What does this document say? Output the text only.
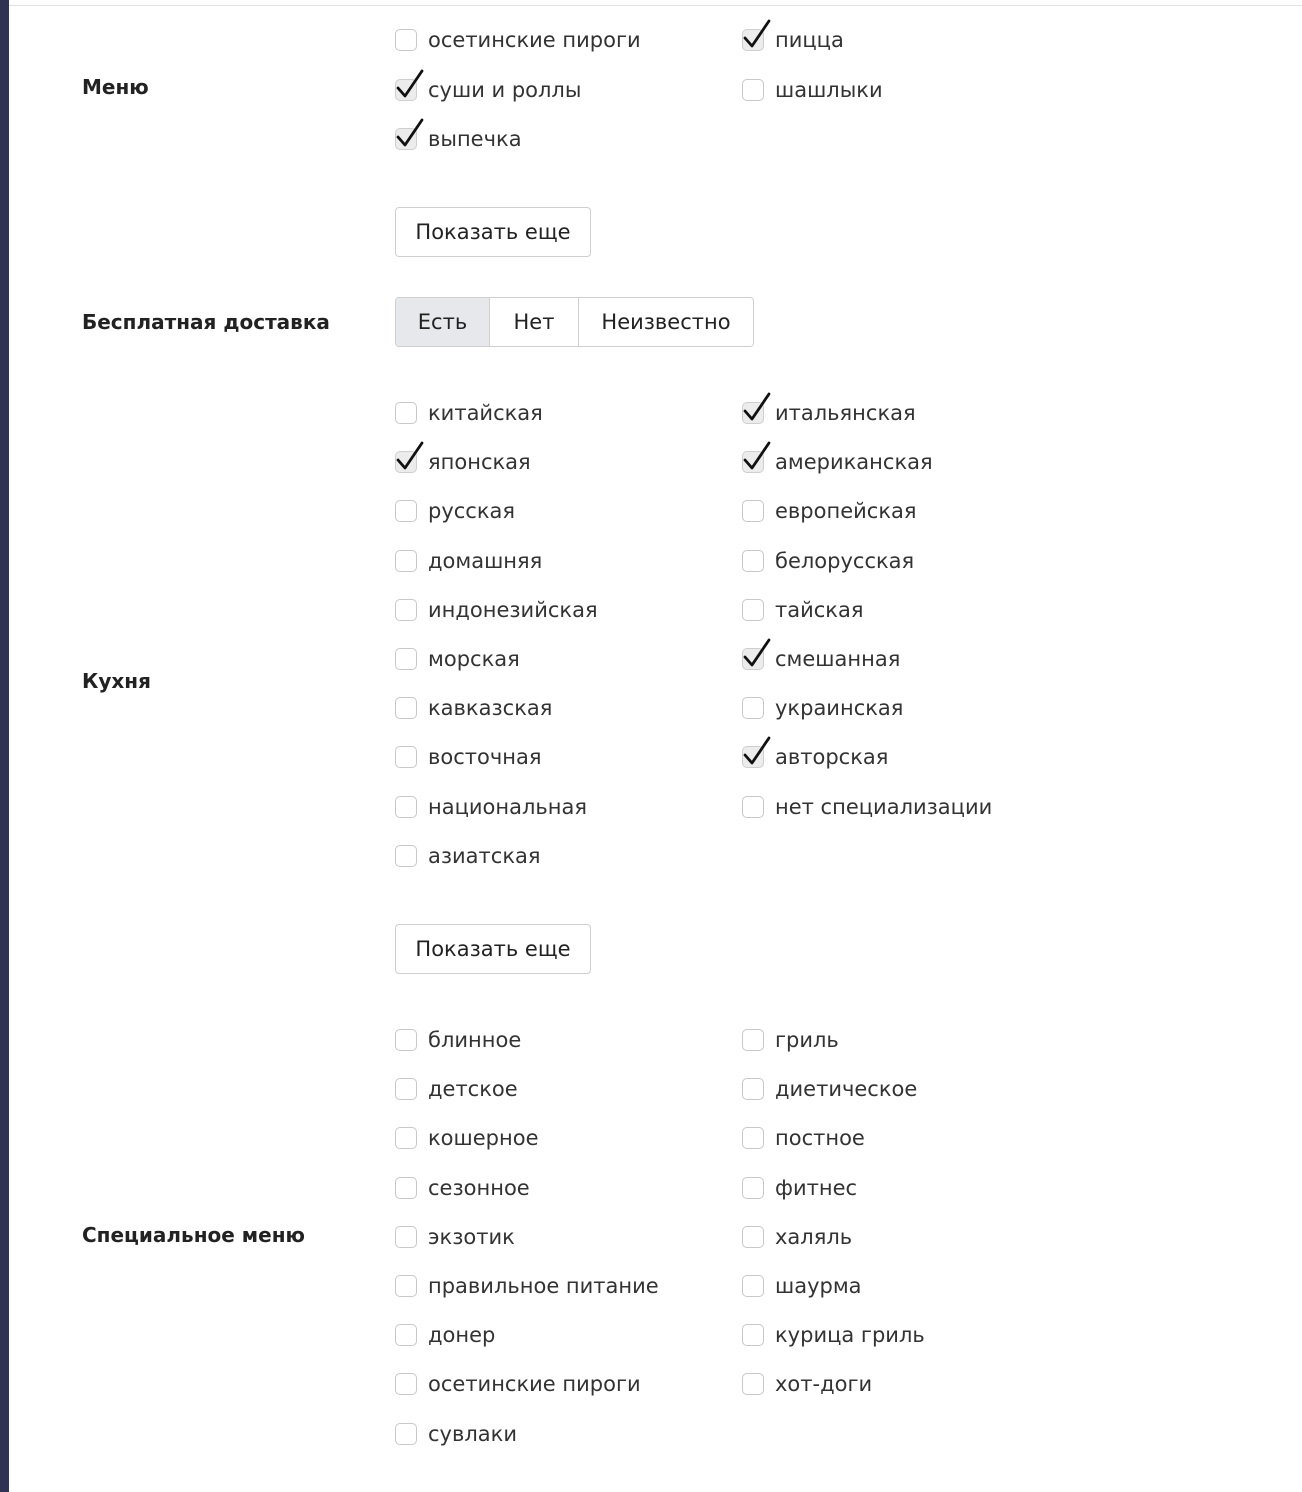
Меню
осетинские пироги	пицца
суши и роллы	шашлыки
выпечка
Показать еще
Бесплатная доставка	Есть	Нет	Неизвестно
Кухня
китайская	итальянская
японская	американская
русская	европейская
домашняя	белорусская
индонезийская	тайская
морская	смешанная
кавказская	украинская
восточная	авторская
национальная	нет специализации
азиатская
Показать еще
Специальное меню
блинное	гриль
детское	диетическое
кошерное	постное
сезонное	фитнес
экзотик	халяль
правильное питание	шаурма
донер	курица гриль
осетинские пироги	хот-доги
сувлаки
